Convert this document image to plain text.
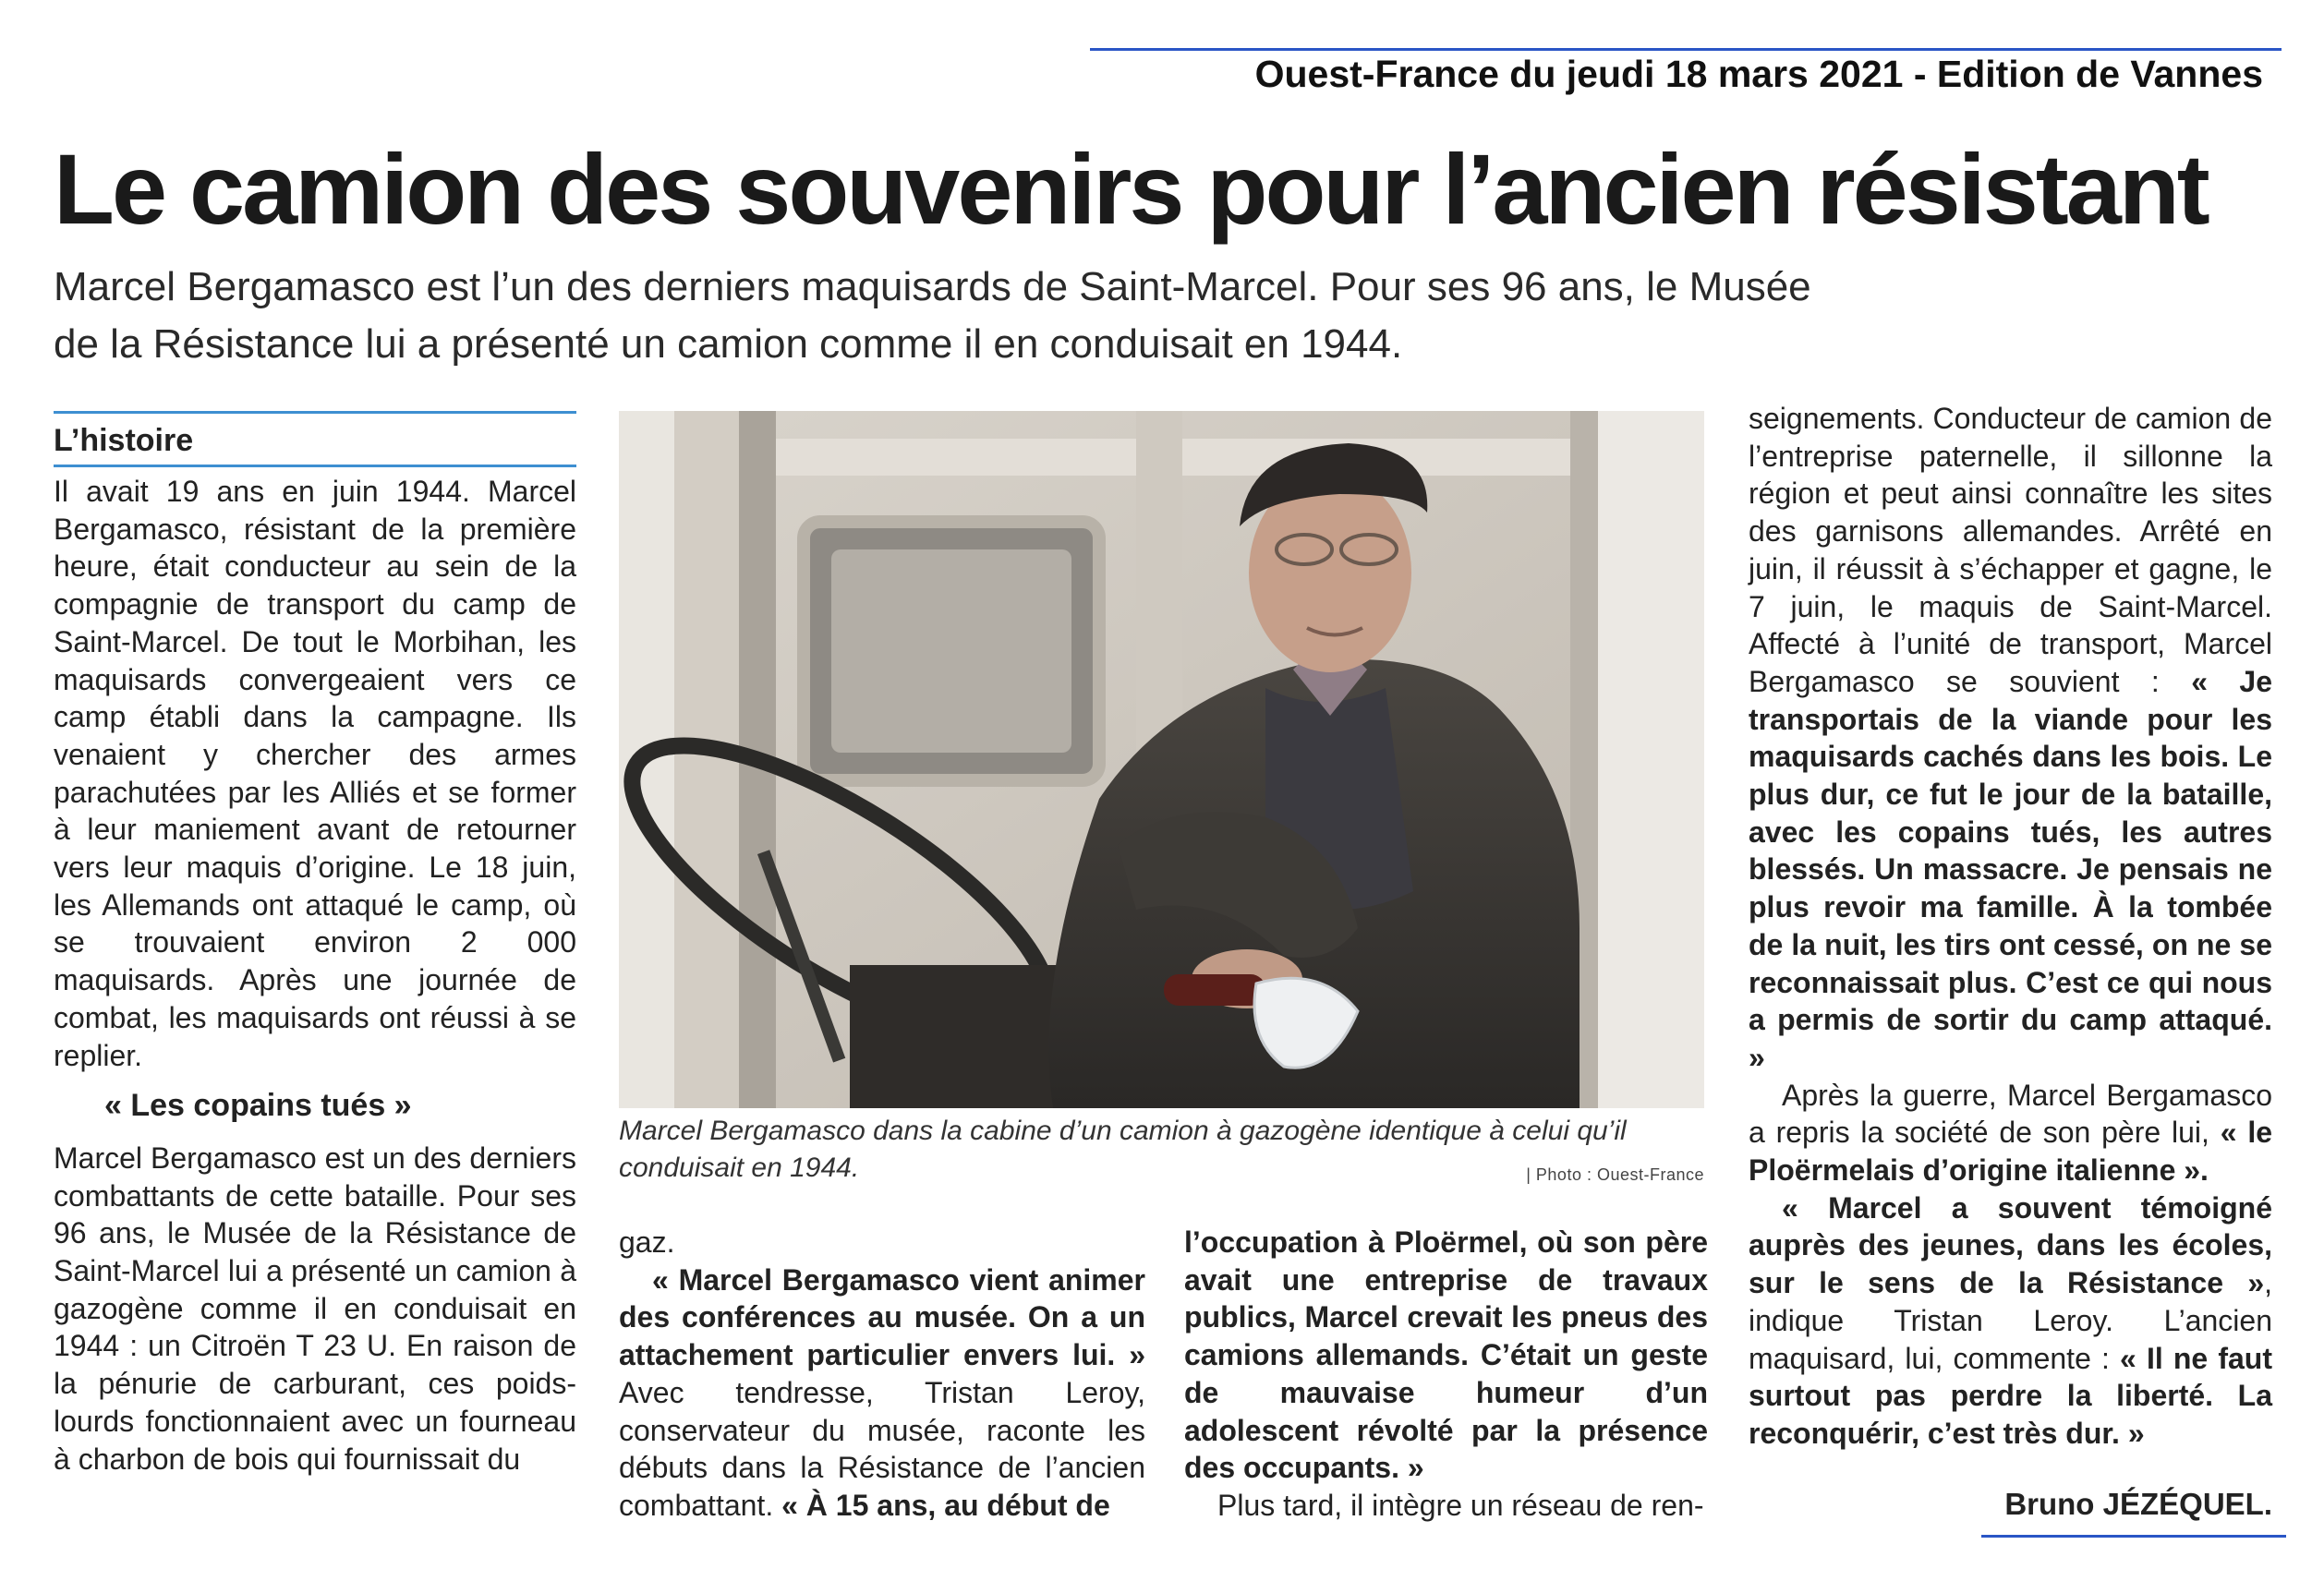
Ouest-France du jeudi 18 mars 2021 - Edition de Vannes
Le camion des souvenirs pour l’ancien résistant
Marcel Bergamasco est l’un des derniers maquisards de Saint-Marcel. Pour ses 96 ans, le Musée
de la Résistance lui a présenté un camion comme il en conduisait en 1944.
L’histoire

Il avait 19 ans en juin 1944. Marcel Bergamasco, résistant de la première heure, était conducteur au sein de la compagnie de transport du camp de Saint-Marcel. De tout le Morbihan, les maquisards convergeaient vers ce camp établi dans la campagne. Ils venaient y chercher des armes parachutées par les Alliés et se former à leur maniement avant de retourner vers leur maquis d’origine. Le 18 juin, les Allemands ont attaqué le camp, où se trouvaient environ 2 000 maquisards. Après une journée de combat, les maquisards ont réussi à se replier.

« Les copains tués »

Marcel Bergamasco est un des derniers combattants de cette bataille. Pour ses 96 ans, le Musée de la Résistance de Saint-Marcel lui a présenté un camion à gazogène comme il en conduisait en 1944 : un Citroën T 23 U. En raison de la pénurie de carburant, ces poids-lourds fonctionnaient avec un fourneau à charbon de bois qui fournissait du

Marcel Bergamasco dans la cabine d’un camion à gazogène identique à celui qu’il conduisait en 1944.	| Photo : Ouest-France

gaz.

« Marcel Bergamasco vient animer des conférences au musée. On a un attachement particulier envers lui. » Avec tendresse, Tristan Leroy, conservateur du musée, raconte les débuts dans la Résistance de l’ancien combattant. « À 15 ans, au début de

l’occupation à Ploërmel, où son père avait une entreprise de travaux publics, Marcel crevait les pneus des camions allemands. C’était un geste de mauvaise humeur d’un adolescent révolté par la présence des occupants. »

Plus tard, il intègre un réseau de ren-

seignements. Conducteur de camion de l’entreprise paternelle, il sillonne la région et peut ainsi connaître les sites des garnisons allemandes. Arrêté en juin, il réussit à s’échapper et gagne, le 7 juin, le maquis de Saint-Marcel. Affecté à l’unité de transport, Marcel Bergamasco se souvient : « Je transportais de la viande pour les maquisards cachés dans les bois. Le plus dur, ce fut le jour de la bataille, avec les copains tués, les autres blessés. Un massacre. Je pensais ne plus revoir ma famille. À la tombée de la nuit, les tirs ont cessé, on ne se reconnaissait plus. C’est ce qui nous a permis de sortir du camp attaqué. »

Après la guerre, Marcel Bergamasco a repris la société de son père lui, « le Ploërmelais d’origine italienne ».

« Marcel a souvent témoigné auprès des jeunes, dans les écoles, sur le sens de la Résistance », indique Tristan Leroy. L’ancien maquisard, lui, commente : « Il ne faut surtout pas perdre la liberté. La reconquérir, c’est très dur. »

Bruno JÉZÉQUEL.
